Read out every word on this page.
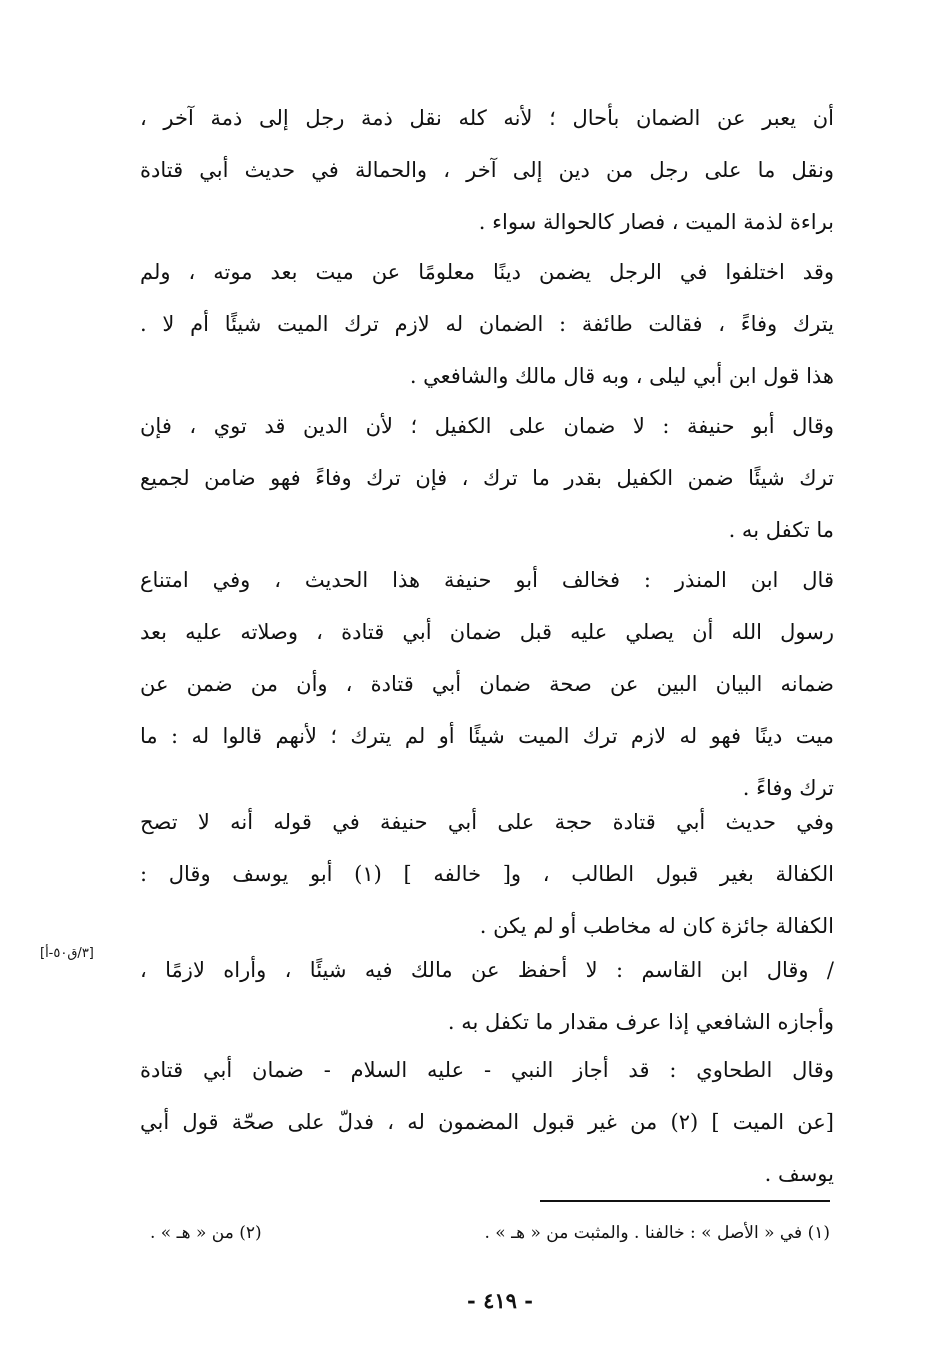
أن يعبر عن الضمان بأحال ؛ لأنه كله نقل ذمة رجل إلى ذمة آخر ،
ونقل ما على رجل من دين إلى آخر ، والحمالة في حديث أبي قتادة
براءة لذمة الميت ، فصار كالحوالة سواء .
وقد اختلفوا في الرجل يضمن دينًا معلومًا عن ميت بعد موته ، ولم
يترك وفاءً ، فقالت طائفة : الضمان له لازم ترك الميت شيئًا أم لا .
هذا قول ابن أبي ليلى ، وبه قال مالك والشافعي .
وقال أبو حنيفة : لا ضمان على الكفيل ؛ لأن الدين قد توي ، فإن
ترك شيئًا ضمن الكفيل بقدر ما ترك ، فإن ترك وفاءً فهو ضامن لجميع
ما تكفل به .
قال ابن المنذر : فخالف أبو حنيفة هذا الحديث ، وفي امتناع
رسول الله أن يصلي عليه قبل ضمان أبي قتادة ، وصلاته عليه بعد
ضمانه البيان البين عن صحة ضمان أبي قتادة ، وأن من ضمن عن
ميت دينًا فهو له لازم ترك الميت شيئًا أو لم يترك ؛ لأنهم قالوا له : ما
ترك وفاءً .
وفي حديث أبي قتادة حجة على أبي حنيفة في قوله أنه لا تصح
الكفالة بغير قبول الطالب ، و[ خالفه ] (١) أبو يوسف وقال :
الكفالة جائزة كان له مخاطب أو لم يكن .
/ وقال ابن القاسم : لا أحفظ عن مالك فيه شيئًا ، وأراه لازمًا ،
وأجازه الشافعي إذا عرف مقدار ما تكفل به .
[٣/ق٥٠-أ]
وقال الطحاوي : قد أجاز النبي - عليه السلام - ضمان أبي قتادة
[عن الميت ] (٢) من غير قبول المضمون له ، فدلّ على صحّة قول أبي
يوسف .
(١) في « الأصل » : خالفنا . والمثبت من « هـ » .
(٢) من « هـ » .
- ٤١٩ -
